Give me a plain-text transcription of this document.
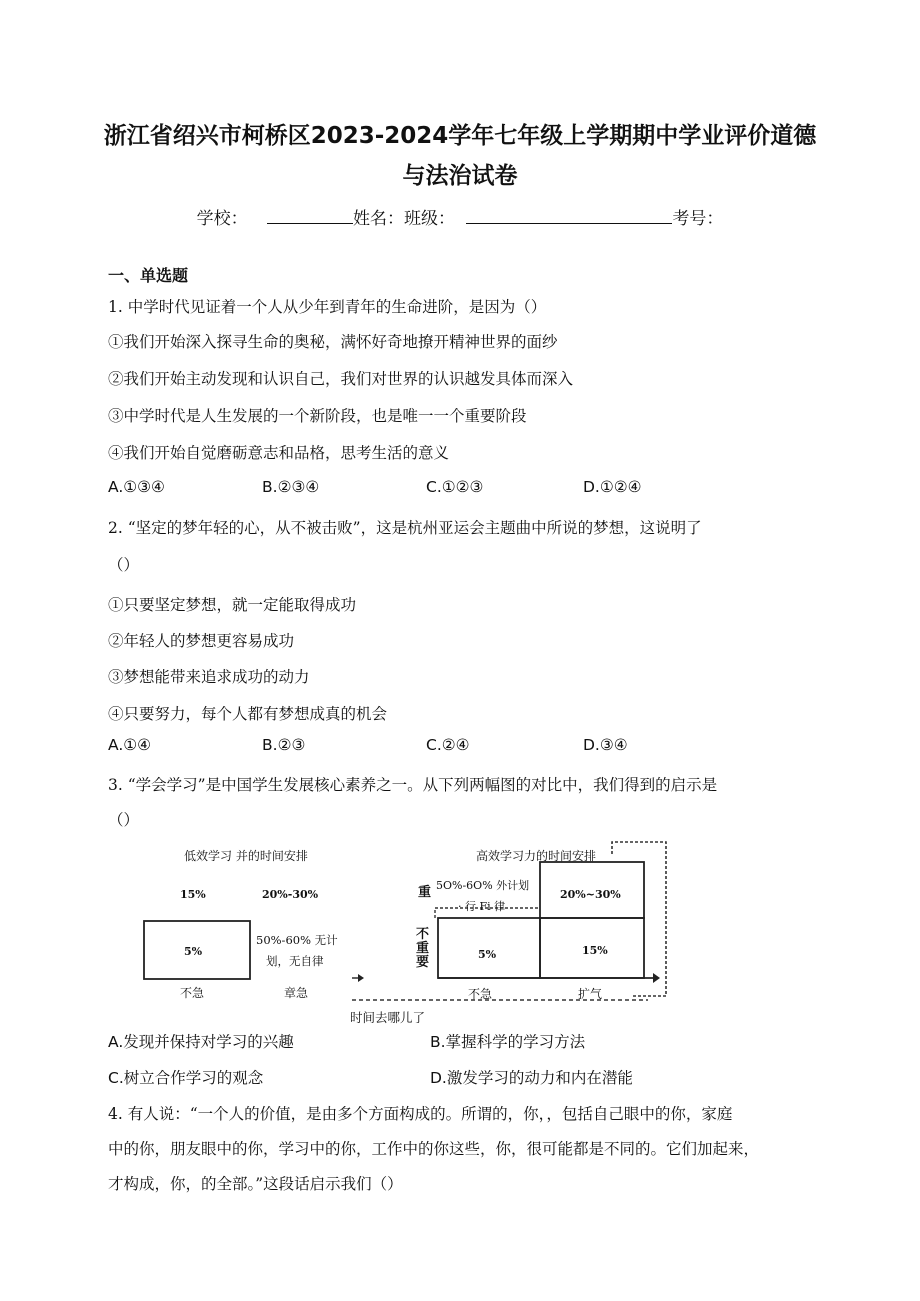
浙江省绍兴市柯桥区2023-2024学年七年级上学期期中学业评价道德
与法治试卷
学校：	姓名：班级：	考号：
一、单选题
1. 中学时代见证着一个人从少年到青年的生命进阶，是因为（）
①我们开始深入探寻生命的奥秘，满怀好奇地撩开精神世界的面纱
②我们开始主动发现和认识自己，我们对世界的认识越发具体而深入
③中学时代是人生发展的一个新阶段，也是唯一一个重要阶段
④我们开始自觉磨砺意志和品格，思考生活的意义
A.①③④	B.②③④	C.①②③	D.①②④
2. “坚定的梦年轻的心，从不被击败”，这是杭州亚运会主题曲中所说的梦想，这说明了
（）
①只要坚定梦想，就一定能取得成功
②年轻人的梦想更容易成功
③梦想能带来追求成功的动力
④只要努力，每个人都有梦想成真的机会
A.①④	B.②③	C.②④	D.③④
3. “学会学习”是中国学生发展核心素养之一。从下列两幅图的对比中，我们得到的启示是
（）
低效学习 并的时间安排
15%	20%-30%
5%
50%-60% 无计
划，无自律
不急	章急
高效学习力的时间安排
重 5O%-6O% 外计划
· 行 Fi 律
20%~30%
5%	15%
不重要
不急	扩气
时间去哪儿了
A.发现并保持对学习的兴趣	B.掌握科学的学习方法
C.树立合作学习的观念	D.激发学习的动力和内在潜能
4. 有人说：“一个人的价值，是由多个方面构成的。所谓的，你，，包括自己眼中的你，家庭
中的你，朋友眼中的你，学习中的你，工作中的你这些，你，很可能都是不同的。它们加起来，
才构成，你，的全部。”这段话启示我们（）
